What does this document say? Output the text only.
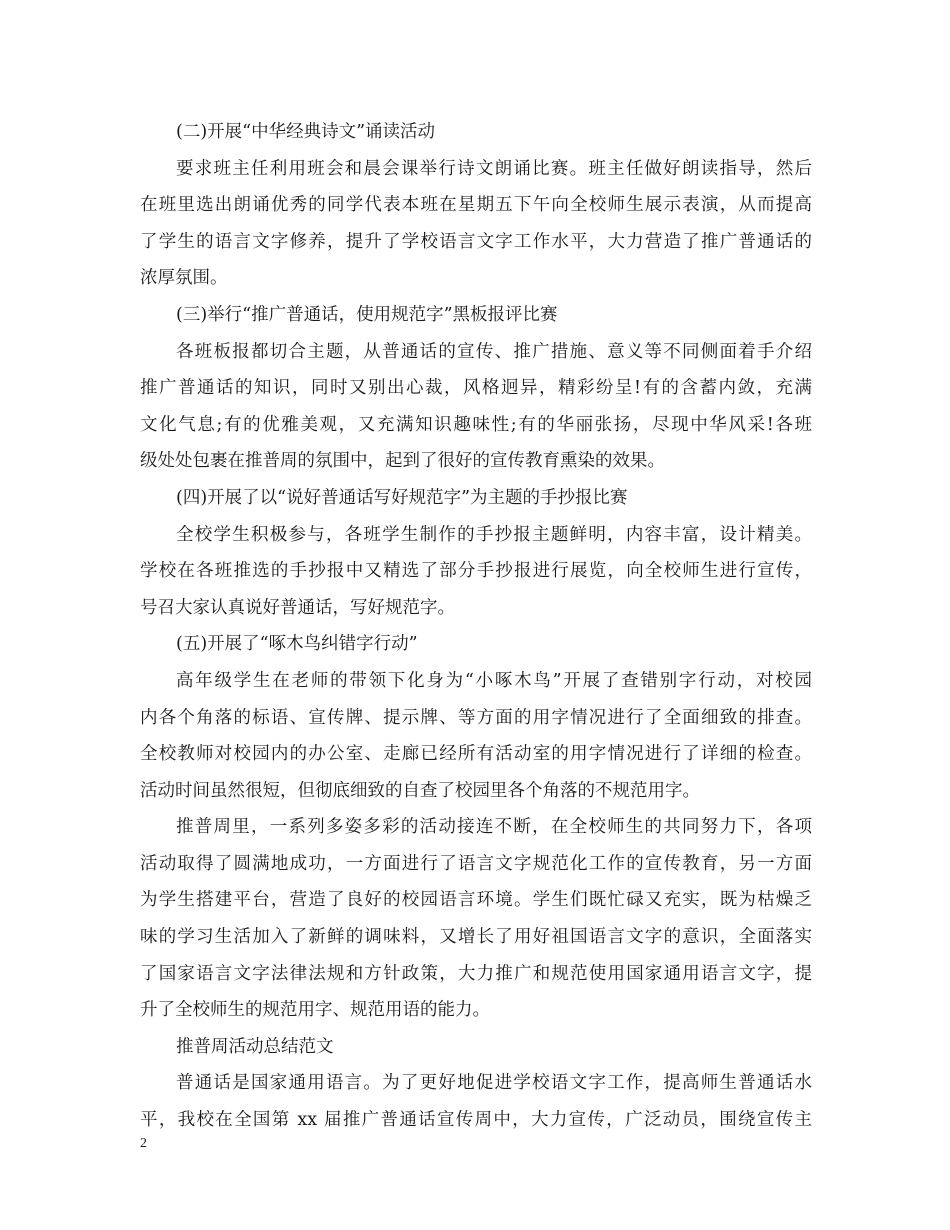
(二)开展“中华经典诗文”诵读活动
要求班主任利用班会和晨会课举行诗文朗诵比赛。班主任做好朗读指导，然后
在班里选出朗诵优秀的同学代表本班在星期五下午向全校师生展示表演，从而提高
了学生的语言文字修养，提升了学校语言文字工作水平，大力营造了推广普通话的
浓厚氛围。
(三)举行“推广普通话，使用规范字”黑板报评比赛
各班板报都切合主题，从普通话的宣传、推广措施、意义等不同侧面着手介绍
推广普通话的知识，同时又别出心裁，风格迥异，精彩纷呈!有的含蓄内敛，充满
文化气息;有的优雅美观，又充满知识趣味性;有的华丽张扬，尽现中华风采!各班
级处处包裹在推普周的氛围中，起到了很好的宣传教育熏染的效果。
(四)开展了以“说好普通话写好规范字”为主题的手抄报比赛
全校学生积极参与，各班学生制作的手抄报主题鲜明，内容丰富，设计精美。
学校在各班推选的手抄报中又精选了部分手抄报进行展览，向全校师生进行宣传，
号召大家认真说好普通话，写好规范字。
(五)开展了“啄木鸟纠错字行动”
高年级学生在老师的带领下化身为“小啄木鸟”开展了查错别字行动，对校园
内各个角落的标语、宣传牌、提示牌、等方面的用字情况进行了全面细致的排查。
全校教师对校园内的办公室、走廊已经所有活动室的用字情况进行了详细的检查。
活动时间虽然很短，但彻底细致的自查了校园里各个角落的不规范用字。
推普周里，一系列多姿多彩的活动接连不断，在全校师生的共同努力下，各项
活动取得了圆满地成功，一方面进行了语言文字规范化工作的宣传教育，另一方面
为学生搭建平台，营造了良好的校园语言环境。学生们既忙碌又充实，既为枯燥乏
味的学习生活加入了新鲜的调味料，又增长了用好祖国语言文字的意识，全面落实
了国家语言文字法律法规和方针政策，大力推广和规范使用国家通用语言文字，提
升了全校师生的规范用字、规范用语的能力。
推普周活动总结范文
普通话是国家通用语言。为了更好地促进学校语文字工作，提高师生普通话水
平，我校在全国第 xx 届推广普通话宣传周中，大力宣传，广泛动员，围绕宣传主
2
